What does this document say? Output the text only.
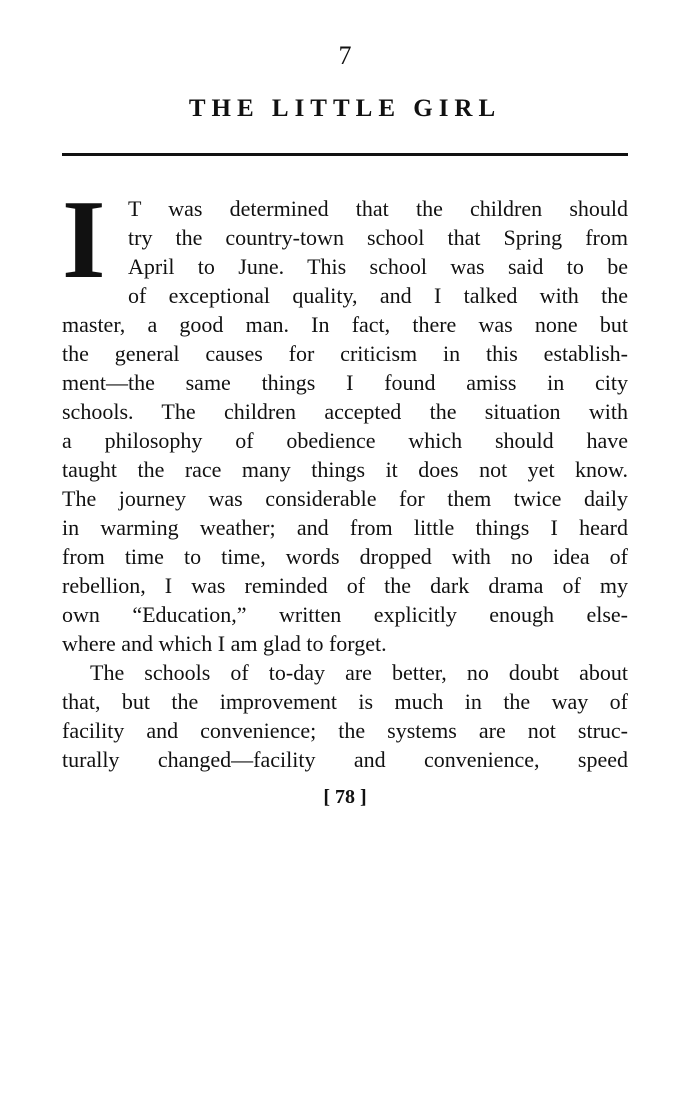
7
THE LITTLE GIRL
I T was determined that the children should
try the country-town school that Spring from
April to June. This school was said to be
of exceptional quality, and I talked with the
master, a good man. In fact, there was none but
the general causes for criticism in this establish-
ment—the same things I found amiss in city
schools. The children accepted the situation with
a philosophy of obedience which should have
taught the race many things it does not yet know.
The journey was considerable for them twice daily
in warming weather; and from little things I heard
from time to time, words dropped with no idea of
rebellion, I was reminded of the dark drama of my
own “Education,” written explicitly enough else-
where and which I am glad to forget.
The schools of to-day are better, no doubt about
that, but the improvement is much in the way of
facility and convenience; the systems are not struc-
turally changed—facility and convenience, speed
[ 78 ]
